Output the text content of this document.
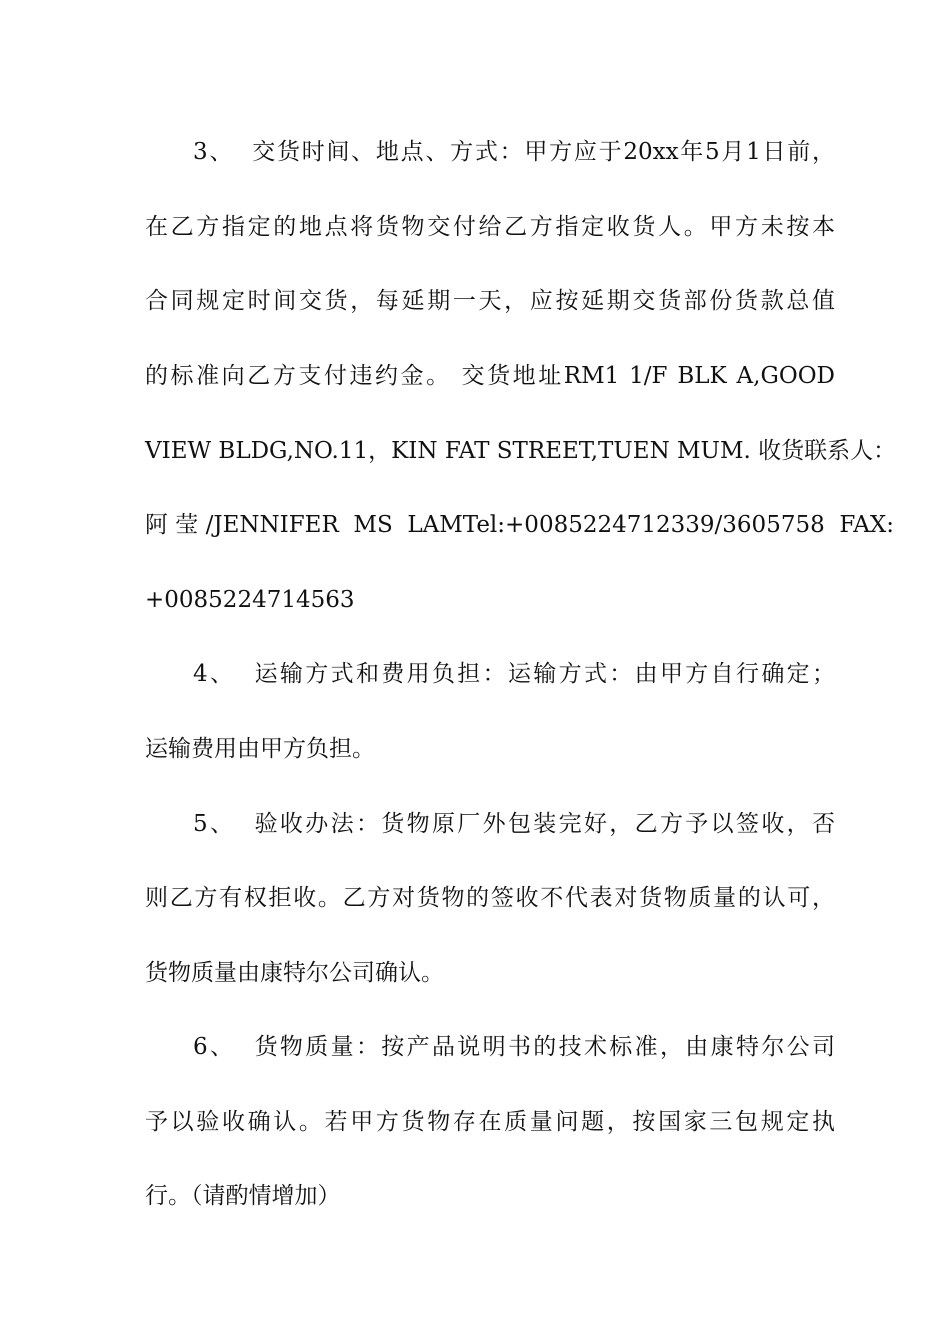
3、  交货时间、地点、方式：甲方应于20xx年5月1日前，
在乙方指定的地点将货物交付给乙方指定收货人。甲方未按本
合同规定时间交货，每延期一天，应按延期交货部份货款总值
的标准向乙方支付违约金。 交货地址RM1 1/F BLK A,GOOD
VIEW BLDG,NO.11，KIN FAT STREET,TUEN MUM. 收货联系人：
阿 莹 /JENNIFER  MS  LAMTel:+0085224712339/3605758  FAX:
+0085224714563
4、  运输方式和费用负担：运输方式：由甲方自行确定；
运输费用由甲方负担。
5、  验收办法：货物原厂外包装完好，乙方予以签收，否
则乙方有权拒收。乙方对货物的签收不代表对货物质量的认可，
货物质量由康特尔公司确认。
6、  货物质量：按产品说明书的技术标准，由康特尔公司
予以验收确认。若甲方货物存在质量问题，按国家三包规定执
行。（请酌情增加）
